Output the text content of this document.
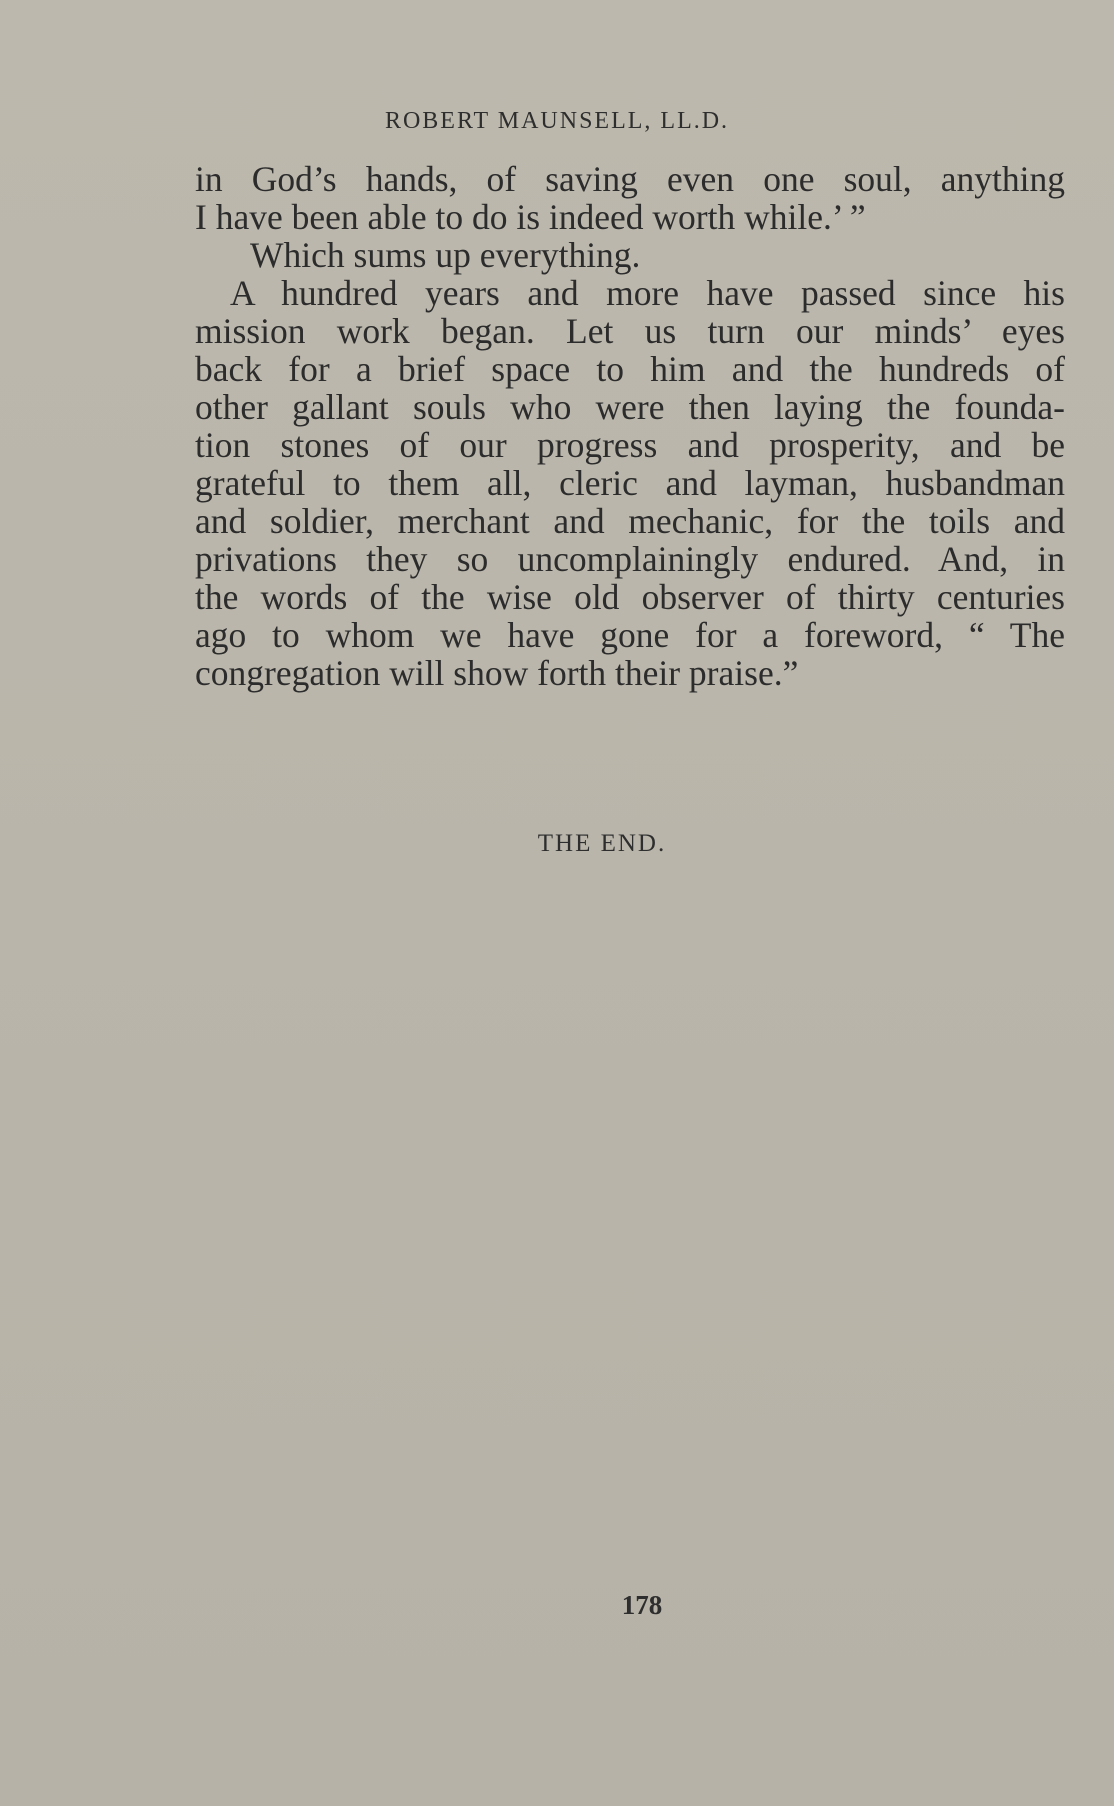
ROBERT MAUNSELL, LL.D.
in God’s hands, of saving even one soul, anything
I have been able to do is indeed worth while.’ ”
Which sums up everything.
A hundred years and more have passed since his
mission work began. Let us turn our minds’ eyes
back for a brief space to him and the hundreds of
other gallant souls who were then laying the founda-
tion stones of our progress and prosperity, and be
grateful to them all, cleric and layman, husbandman
and soldier, merchant and mechanic, for the toils and
privations they so uncomplainingly endured. And, in
the words of the wise old observer of thirty centuries
ago to whom we have gone for a foreword, “ The
congregation will show forth their praise.”
THE END.
178
